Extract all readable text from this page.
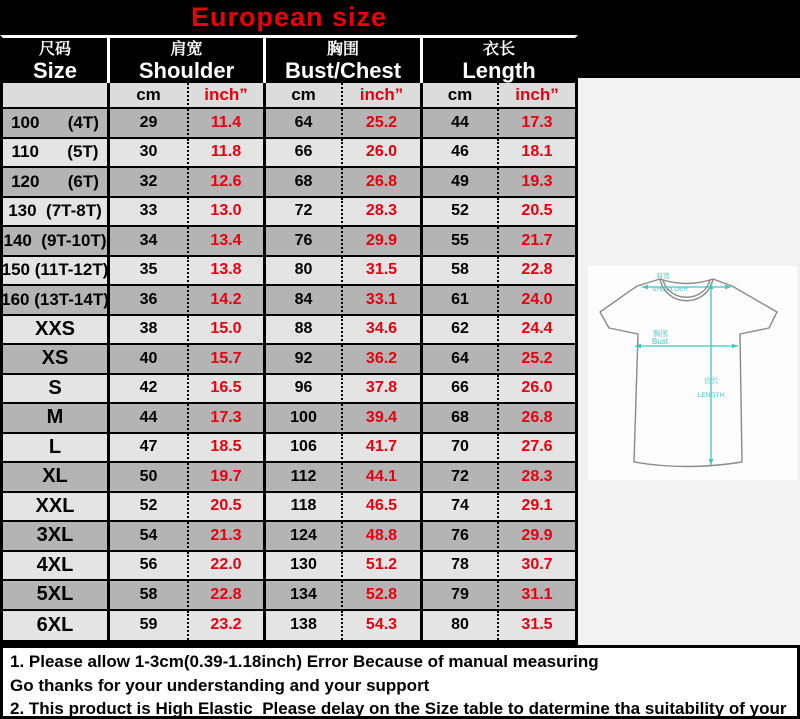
European size
尺码
Size
肩宽
Shoulder
胸围
Bust/Chest
衣长
Length
cm	inch”	cm	inch”	cm	inch”
100      (4T)	29	11.4	64	25.2	44	17.3
110      (5T)	30	11.8	66	26.0	46	18.1
120      (6T)	32	12.6	68	26.8	49	19.3
130  (7T-8T)	33	13.0	72	28.3	52	20.5
140  (9T-10T)	34	13.4	76	29.9	55	21.7
150 (11T-12T)	35	13.8	80	31.5	58	22.8
160 (13T-14T)	36	14.2	84	33.1	61	24.0
XXS	38	15.0	88	34.6	62	24.4
XS	40	15.7	92	36.2	64	25.2
S	42	16.5	96	37.8	66	26.0
M	44	17.3	100	39.4	68	26.8
L	47	18.5	106	41.7	70	27.6
XL	50	19.7	112	44.1	72	28.3
XXL	52	20.5	118	46.5	74	29.1
3XL	54	21.3	124	48.8	76	29.9
4XL	56	22.0	130	51.2	78	30.7
5XL	58	22.8	134	52.8	79	31.1
6XL	59	23.2	138	54.3	80	31.5
肩宽
SHOULDER
胸围
Bust
衣长
LENGTH
1. Please allow 1-3cm(0.39-1.18inch) Error Because of manual measuring
Go thanks for your understanding and your support
2. This product is High Elastic  Please delay on the Size table to datermine tha suitability of your
